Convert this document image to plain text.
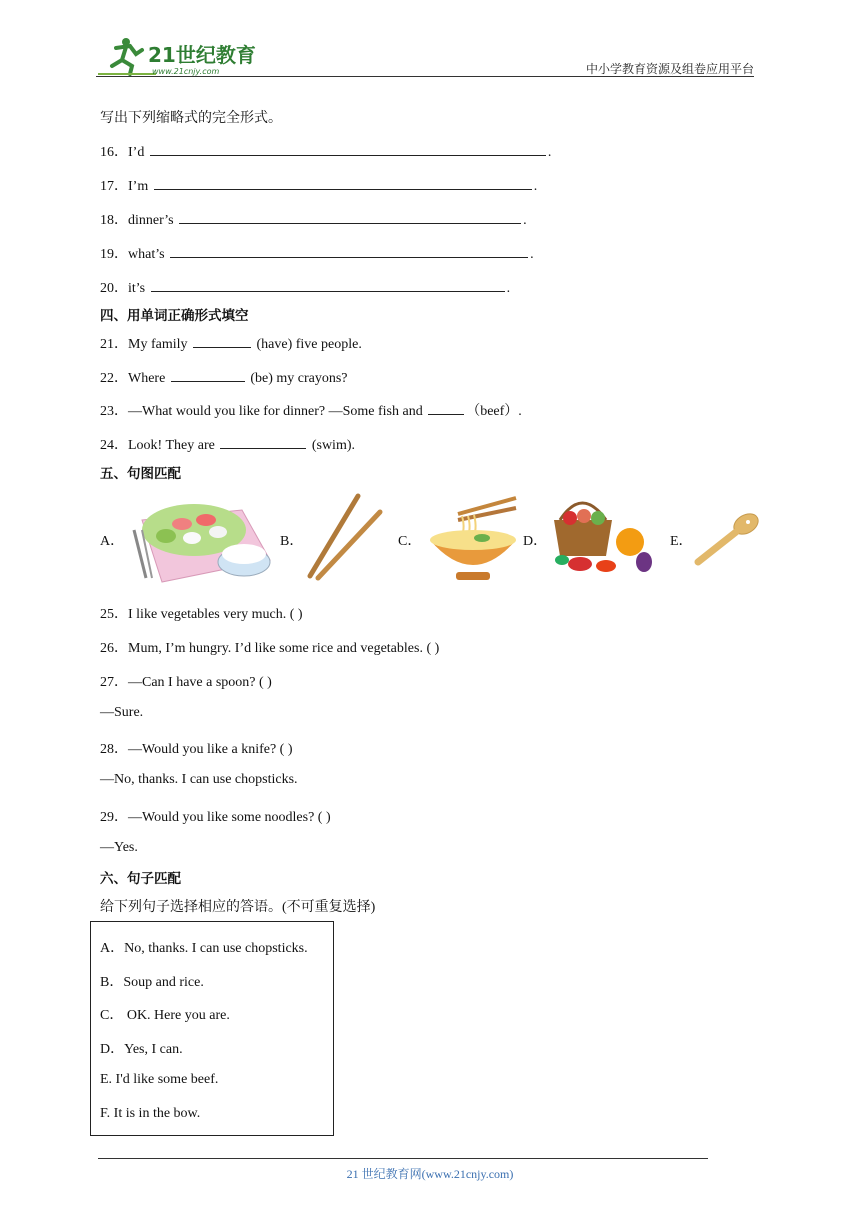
21世纪教育
www.21cnjy.com	中小学教育资源及组卷应用平台
写出下列缩略式的完全形式。
16．I’d	.
17．I’m	.
18．dinner’s	.
19．what’s	.
20．it’s	.
四、用单词正确形式填空
21．My family	(have) five people.
22．Where	(be) my crayons?
23．—What would you like for dinner? —Some fish and	（beef）.
24．Look! They are	(swim).
五、句图匹配
A．	B．	C．	D．	E．
25．I like vegetables very much. ( )
26．Mum, I’m hungry. I’d like some rice and vegetables. ( )
27．—Can I have a spoon? ( )
—Sure.
28．—Would you like a knife? ( )
—No, thanks. I can use chopsticks.
29．—Would you like some noodles? ( )
—Yes.
六、句子匹配
给下列句子选择相应的答语。(不可重复选择)
A．No, thanks. I can use chopsticks.
B．Soup and rice.
C． OK. Here you are.
D．Yes, I can.
E. I'd like some beef.
F. It is in the bow.
21 世纪教育网(www.21cnjy.com)
